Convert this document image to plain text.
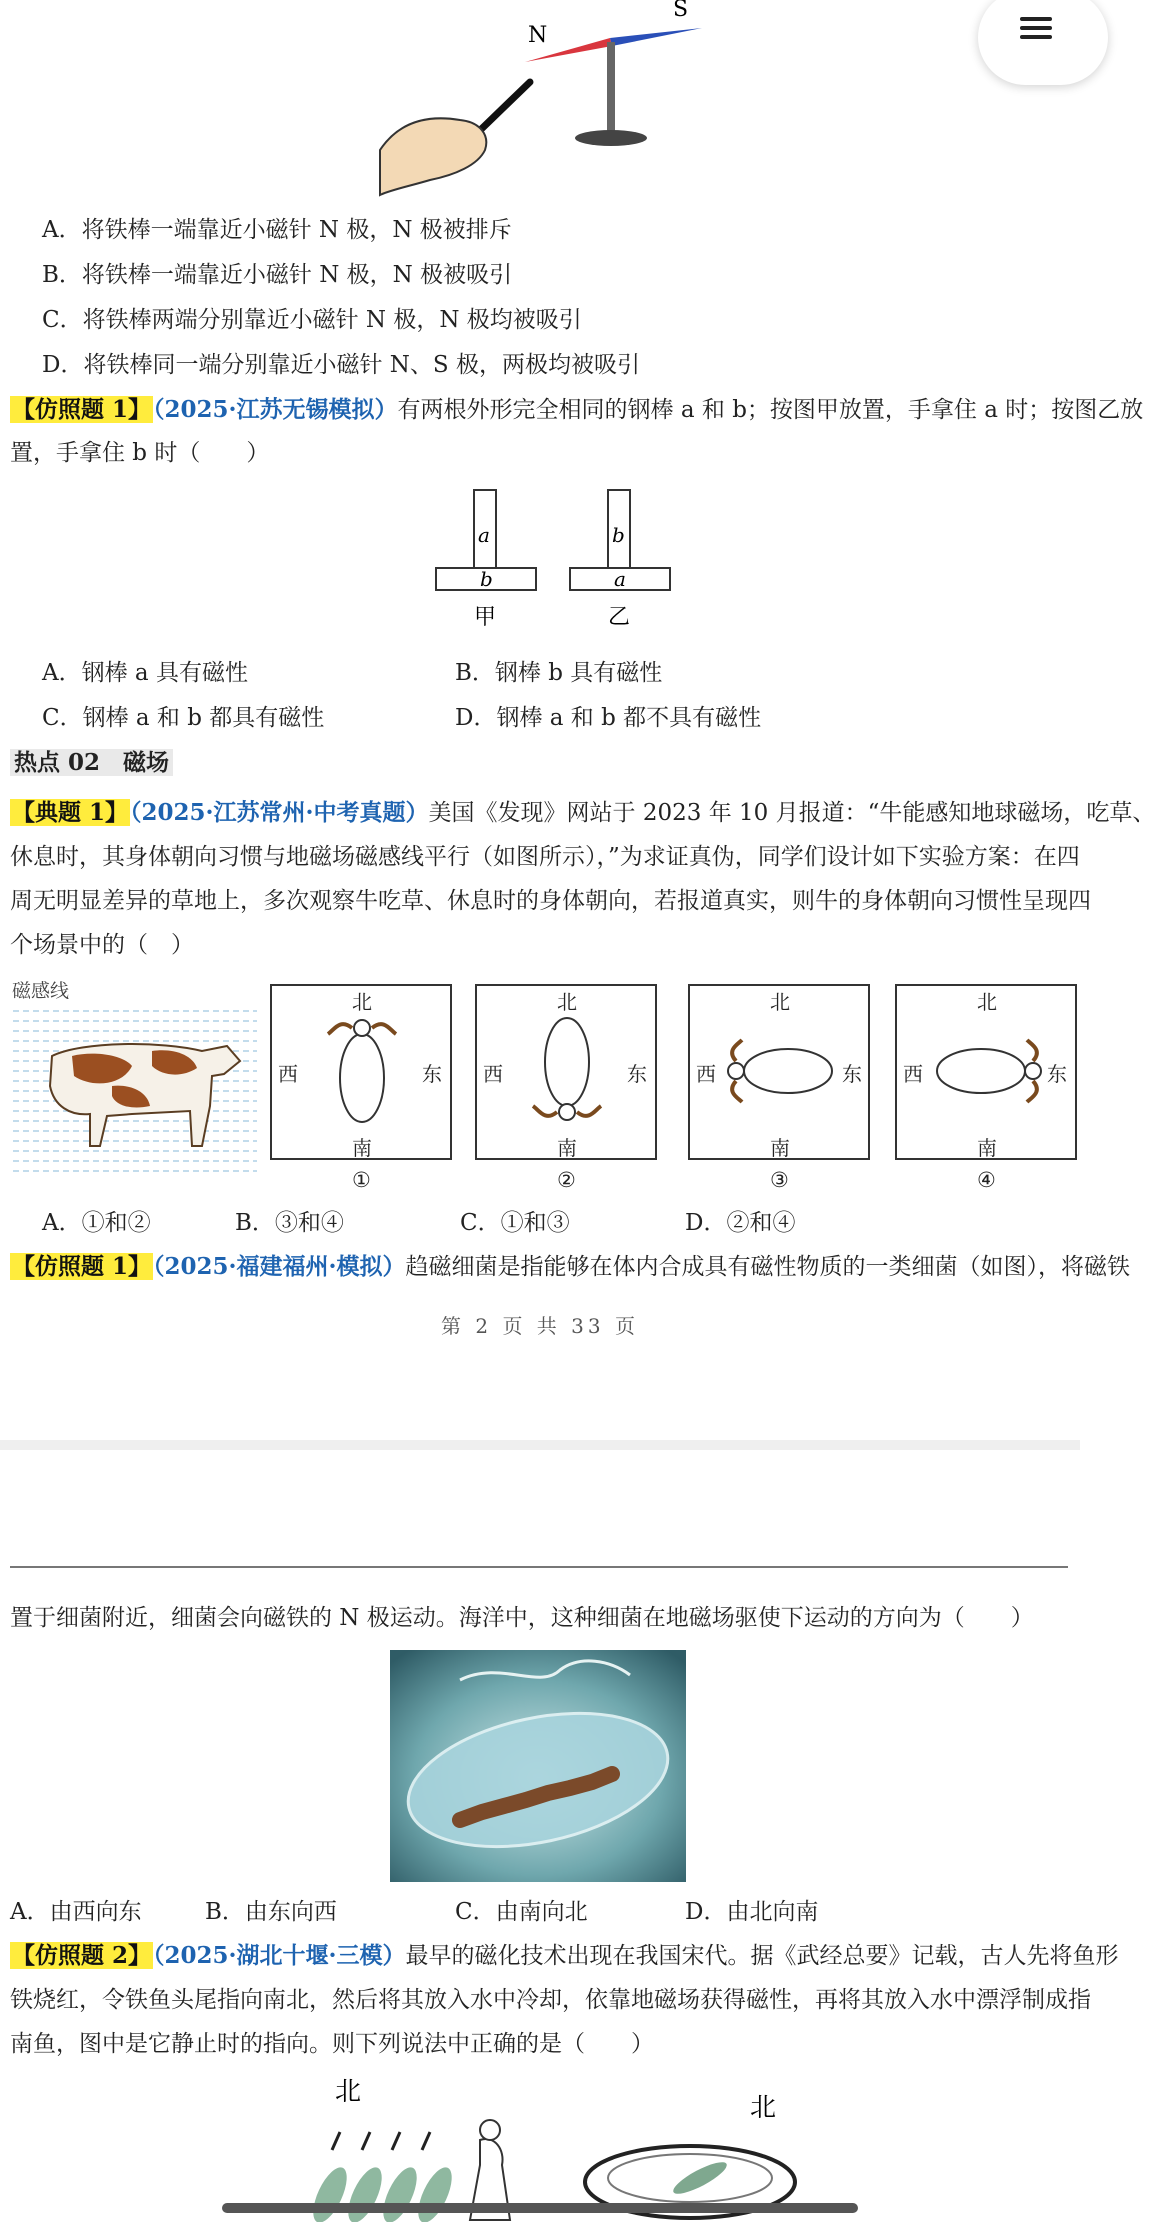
N
S
A．将铁棒一端靠近小磁针 N 极，N 极被排斥
B．将铁棒一端靠近小磁针 N 极，N 极被吸引
C．将铁棒两端分别靠近小磁针 N 极，N 极均被吸引
D．将铁棒同一端分别靠近小磁针 N、S 极，两极均被吸引
【仿照题 1】（2025·江苏无锡模拟）有两根外形完全相同的钢棒 a 和 b；按图甲放置，手拿住 a 时；按图乙放
置，手拿住 b 时（　　）
a
b
甲
b
a
乙
A．钢棒 a 具有磁性	B．钢棒 b 具有磁性
C．钢棒 a 和 b 都具有磁性	D．钢棒 a 和 b 都不具有磁性
热点 02　 磁场
【典题 1】（2025·江苏常州·中考真题）美国《发现》网站于 2023 年 10 月报道：“牛能感知地球磁场，吃草、
休息时，其身体朝向习惯与地磁场磁感线平行（如图所示），”为求证真伪，同学们设计如下实验方案：在四
周无明显差异的草地上，多次观察牛吃草、休息时的身体朝向，若报道真实，则牛的身体朝向习惯性呈现四
个场景中的（　）
磁感线	北
南
西	东
北
南
西	东
北
南
西	东
北
南
西	东
①	②	③	④
A．①和②	B．③和④	C．①和③	D．②和④
【仿照题 1】（2025·福建福州·模拟）趋磁细菌是指能够在体内合成具有磁性物质的一类细菌（如图），将磁铁
第 2 页 共 33 页
置于细菌附近，细菌会向磁铁的 N 极运动。海洋中，这种细菌在地磁场驱使下运动的方向为（　　）
A．由西向东	B．由东向西	C．由南向北	D．由北向南
【仿照题 2】（2025·湖北十堰·三模）最早的磁化技术出现在我国宋代。据《武经总要》记载，古人先将鱼形
铁烧红，令铁鱼头尾指向南北，然后将其放入水中冷却，依靠地磁场获得磁性，再将其放入水中漂浮制成指
南鱼，图中是它静止时的指向。则下列说法中正确的是（　　）
北
北
